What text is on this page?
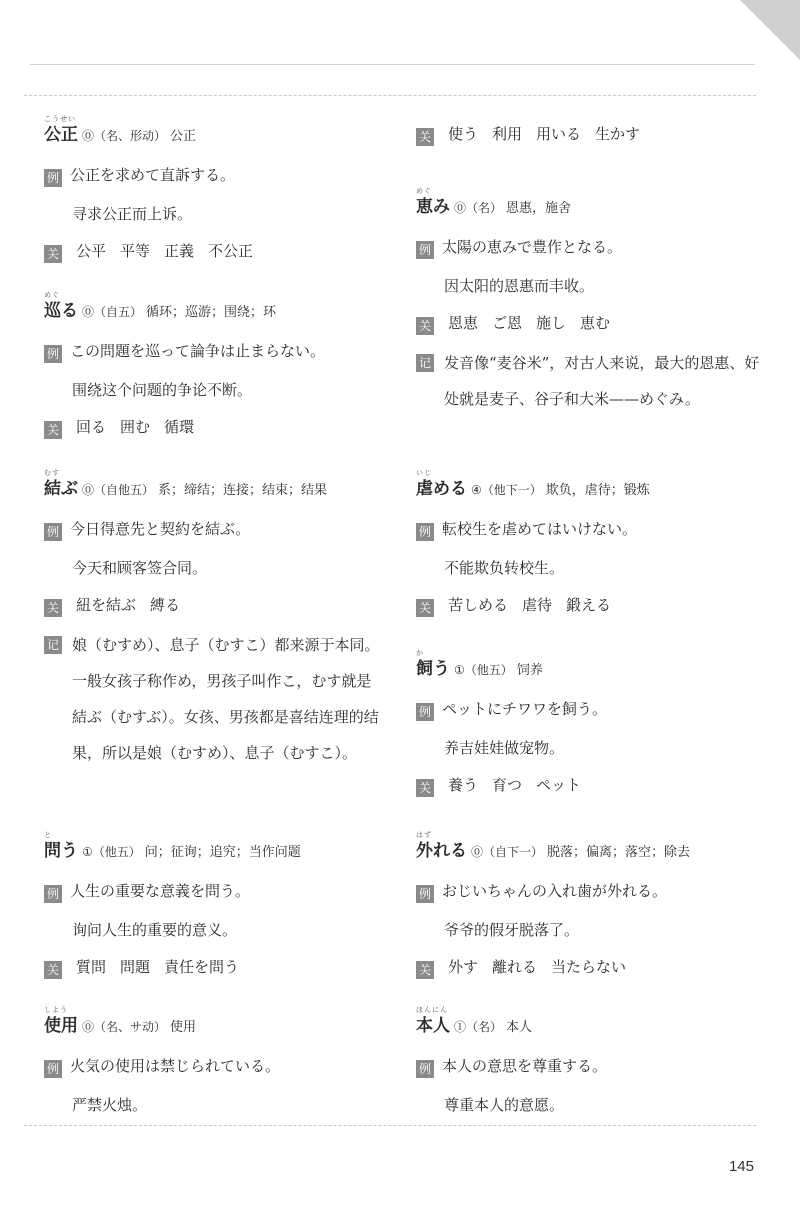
こうせい
公正 ⓪（名、形动） 公正
例 公正を求めて直訴する。
寻求公正而上诉。
关 公平 平等 正義 不公正
めぐ
巡る ⓪（自五） 循环；巡游；围绕；环
例 この問題を巡って論争は止まらない。
围绕这个问题的争论不断。
关 回る 囲む 循環
むす
結ぶ ⓪（自他五） 系；缔结；连接；结束；结果
例 今日得意先と契約を結ぶ。
今天和顾客签合同。
关 紐を結ぶ 縛る
记 娘（むすめ）、息子（むすこ）都来源于本同。一般女孩子称作め，男孩子叫作こ，むす就是結ぶ（むすぶ）。女孩、男孩都是喜结连理的结果，所以是娘（むすめ）、息子（むすこ）。
と
問う ①（他五） 问；征询；追究；当作问题
例 人生の重要な意義を問う。
询问人生的重要的意义。
关 質問 問題 責任を問う
しよう
使用 ⓪（名、サ动） 使用
例 火気の使用は禁じられている。
严禁火烛。
关 使う 利用 用いる 生かす
めぐ
恵み ⓪（名） 恩惠，施舍
例 太陽の恵みで豊作となる。
因太阳的恩惠而丰收。
关 恩恵 ご恩 施し 恵む
记 发音像“麦谷米”，对古人来说，最大的恩惠、好处就是麦子、谷子和大米——めぐみ。
いじ
虐める ④（他下一） 欺负，虐待；锻炼
例 転校生を虐めてはいけない。
不能欺负转校生。
关 苦しめる 虐待 鍛える
か
飼う ①（他五） 饲养
例 ペットにチワワを飼う。
养吉娃娃做宠物。
关 養う 育つ ペット
はず
外れる ⓪（自下一） 脱落；偏离；落空；除去
例 おじいちゃんの入れ歯が外れる。
爷爷的假牙脱落了。
关 外す 離れる 当たらない
ほんにん
本人 ①（名） 本人
例 本人の意思を尊重する。
尊重本人的意愿。
145
